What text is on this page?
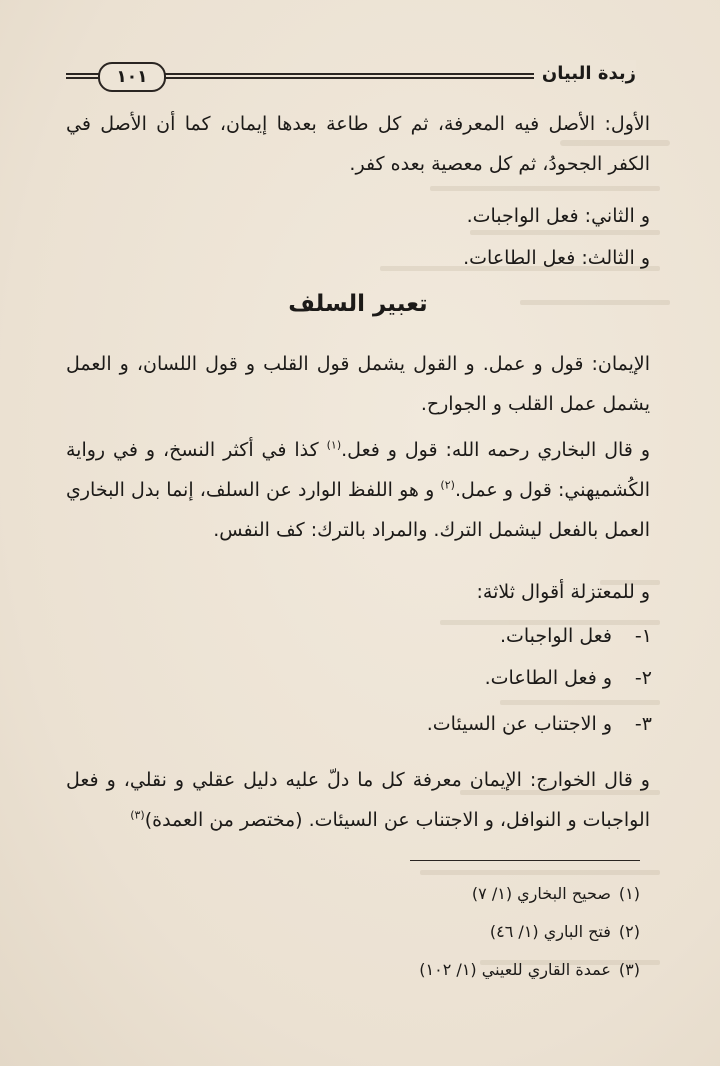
١٠١	زبدة البيان

الأول: الأصل فيه المعرفة، ثم كل طاعة بعدها إيمان، كما أن الأصل في الكفر الجحودُ، ثم كل معصية بعده كفر.

و الثاني: فعل الواجبات.

و الثالث: فعل الطاعات.

تعبير السلف

الإيمان: قول و عمل. و القول يشمل قول القلب و قول اللسان، و العمل يشمل عمل القلب و الجوارح.

و قال البخاري رحمه الله: قول و فعل.$^{(١)}$ كذا في أكثر النسخ، و في رواية الكُشميهني: قول و عمل.$^{(٢)}$ و هو اللفظ الوارد عن السلف، إنما بدل البخاري العمل بالفعل ليشمل الترك. والمراد بالترك: كف النفس.

و للمعتزلة أقوال ثلاثة:

١-فعل الواجبات.
٢-و فعل الطاعات.
٣-و الاجتناب عن السيئات.

و قال الخوارج: الإيمان معرفة كل ما دلّ عليه دليل عقلي و نقلي، و فعل الواجبات و النوافل، و الاجتناب عن السيئات. (مختصر من العمدة)$^{(٣)}$

(١)صحيح البخاري (١/ ٧)
(٢)فتح الباري (١/ ٤٦)
(٣)عمدة القاري للعيني (١/ ١٠٢)
